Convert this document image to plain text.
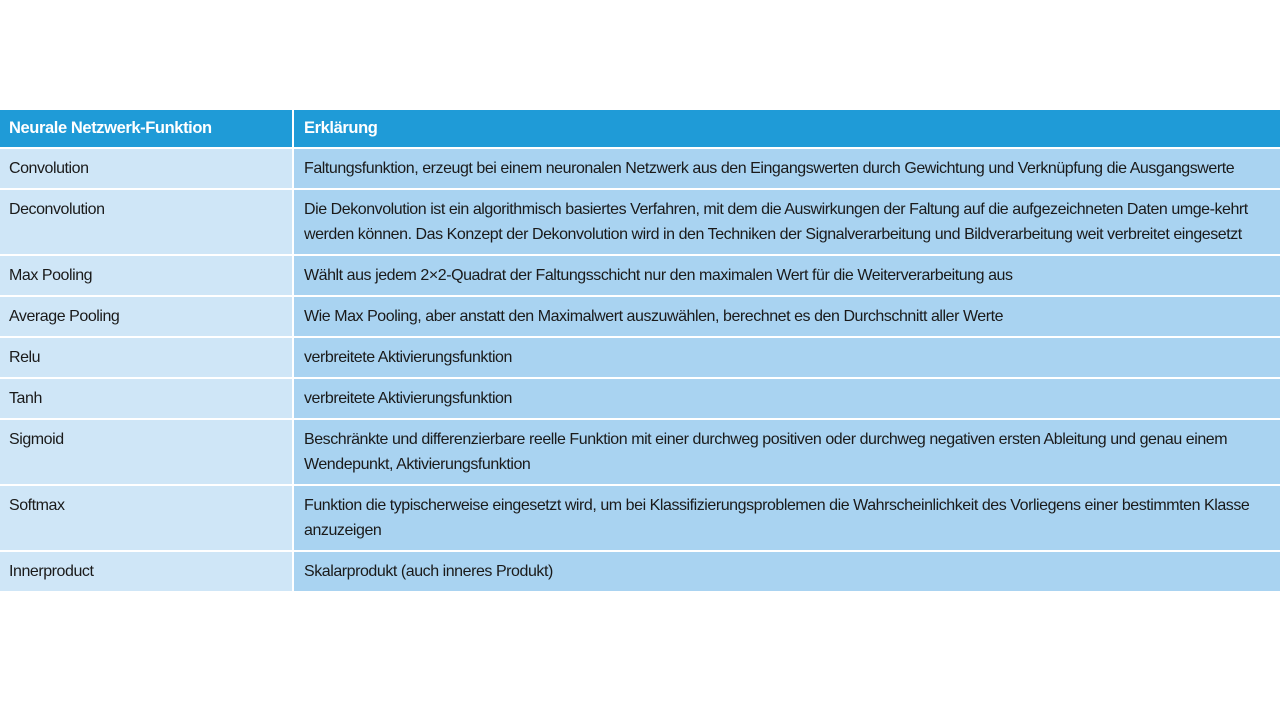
Neurale Netzwerk-Funktion	Erklärung
Convolution	Faltungsfunktion, erzeugt bei einem neuronalen Netzwerk aus den Eingangswerten durch Gewichtung und Verknüpfung die Ausgangswerte
Deconvolution	Die Dekonvolution ist ein algorithmisch basiertes Verfahren, mit dem die Auswirkungen der Faltung auf die aufgezeichneten Daten umge-kehrt werden können. Das Konzept der Dekonvolution wird in den Techniken der Signalverarbeitung und Bildverarbeitung weit verbreitet eingesetzt
Max Pooling	Wählt aus jedem 2×2-Quadrat der Faltungsschicht nur den maximalen Wert für die Weiterverarbeitung aus
Average Pooling	Wie Max Pooling, aber anstatt den Maximalwert auszuwählen, berechnet es den Durchschnitt aller Werte
Relu	verbreitete Aktivierungsfunktion
Tanh	verbreitete Aktivierungsfunktion
Sigmoid	Beschränkte und differenzierbare reelle Funktion mit einer durchweg positiven oder durchweg negativen ersten Ableitung und genau einem Wendepunkt, Aktivierungsfunktion
Softmax	Funktion die typischerweise eingesetzt wird, um bei Klassifizierungsproblemen die Wahrscheinlichkeit des Vorliegens einer bestimmten Klasse anzuzeigen
Innerproduct	Skalarprodukt (auch inneres Produkt)
